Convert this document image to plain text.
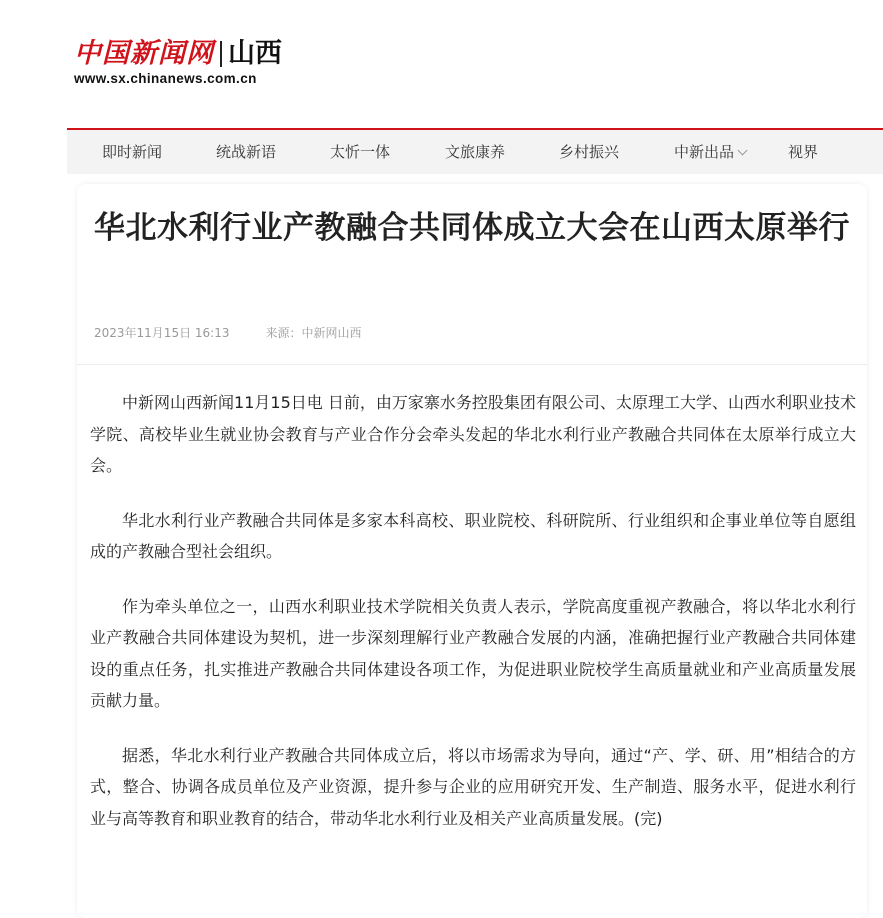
中国新闻网 山西
www.sx.chinanews.com.cn
即时新闻	统战新语	太忻一体	文旅康养	乡村振兴	中新出品	视界
华北水利行业产教融合共同体成立大会在山西太原举行
2023年11月15日 16:13	来源：中新网山西

中新网山西新闻11月15日电 日前，由万家寨水务控股集团有限公司、太原理工大学、山西水利职业技术学院、高校毕业生就业协会教育与产业合作分会牵头发起的华北水利行业产教融合共同体在太原举行成立大会。

华北水利行业产教融合共同体是多家本科高校、职业院校、科研院所、行业组织和企事业单位等自愿组成的产教融合型社会组织。

作为牵头单位之一，山西水利职业技术学院相关负责人表示，学院高度重视产教融合，将以华北水利行业产教融合共同体建设为契机，进一步深刻理解行业产教融合发展的内涵，准确把握行业产教融合共同体建设的重点任务，扎实推进产教融合共同体建设各项工作，为促进职业院校学生高质量就业和产业高质量发展贡献力量。

据悉，华北水利行业产教融合共同体成立后，将以市场需求为导向，通过“产、学、研、用”相结合的方式，整合、协调各成员单位及产业资源，提升参与企业的应用研究开发、生产制造、服务水平，促进水利行业与高等教育和职业教育的结合，带动华北水利行业及相关产业高质量发展。(完)
